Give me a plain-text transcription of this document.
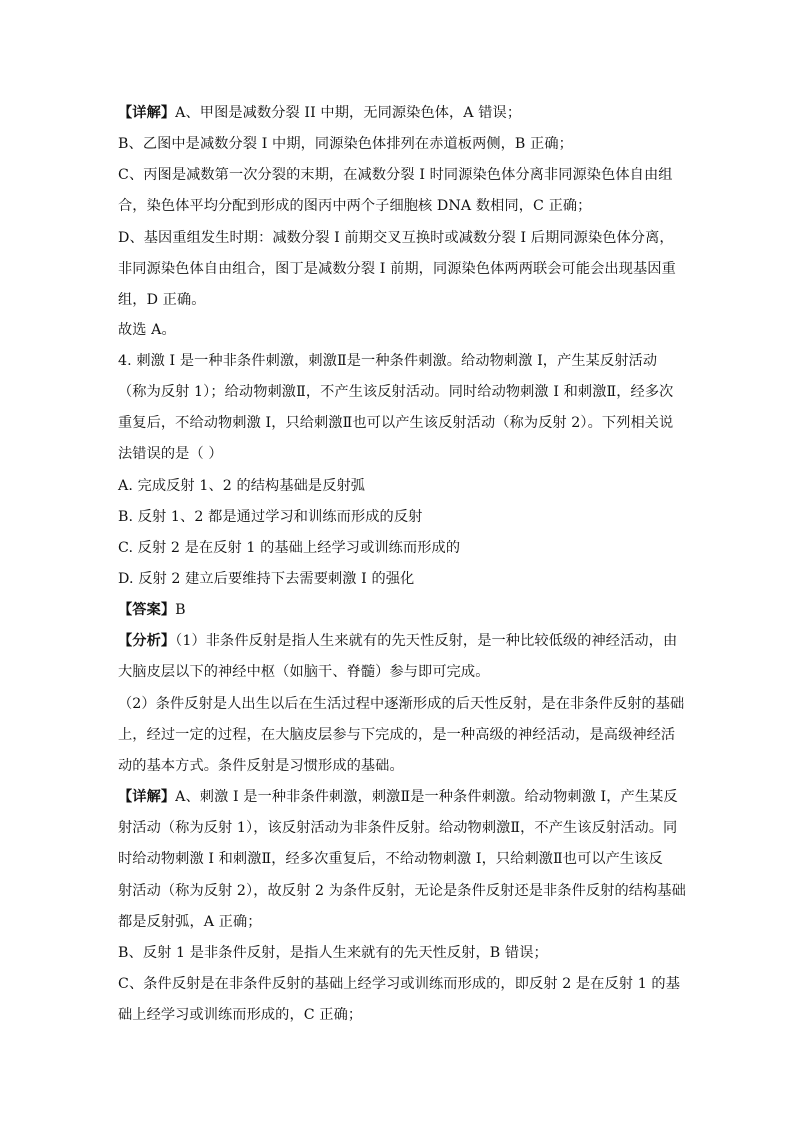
【详解】A、甲图是减数分裂 II 中期，无同源染色体，A 错误；
B、乙图中是减数分裂 I 中期，同源染色体排列在赤道板两侧，B 正确；
C、丙图是减数第一次分裂的末期，在减数分裂 I 时同源染色体分离非同源染色体自由组
合，染色体平均分配到形成的图丙中两个子细胞核 DNA 数相同，C 正确；
D、基因重组发生时期：减数分裂 I 前期交叉互换时或减数分裂 I 后期同源染色体分离，
非同源染色体自由组合，图丁是减数分裂 I 前期，同源染色体两两联会可能会出现基因重
组，D 正确。
故选 A。
4. 刺激 I 是一种非条件刺激，刺激Ⅱ是一种条件刺激。给动物刺激 I，产生某反射活动
（称为反射 1）；给动物刺激Ⅱ，不产生该反射活动。同时给动物刺激 I 和刺激Ⅱ，经多次
重复后，不给动物刺激 I，只给刺激Ⅱ也可以产生该反射活动（称为反射 2）。下列相关说
法错误的是（ ）
A. 完成反射 1、2 的结构基础是反射弧
B. 反射 1、2 都是通过学习和训练而形成的反射
C. 反射 2 是在反射 1 的基础上经学习或训练而形成的
D. 反射 2 建立后要维持下去需要刺激 I 的强化
【答案】B
【分析】（1）非条件反射是指人生来就有的先天性反射，是一种比较低级的神经活动，由
大脑皮层以下的神经中枢（如脑干、脊髓）参与即可完成。
（2）条件反射是人出生以后在生活过程中逐渐形成的后天性反射，是在非条件反射的基础
上，经过一定的过程，在大脑皮层参与下完成的，是一种高级的神经活动，是高级神经活
动的基本方式。条件反射是习惯形成的基础。
【详解】A、刺激 I 是一种非条件刺激，刺激Ⅱ是一种条件刺激。给动物刺激 I，产生某反
射活动（称为反射 1），该反射活动为非条件反射。给动物刺激Ⅱ，不产生该反射活动。同
时给动物刺激 I 和刺激Ⅱ，经多次重复后，不给动物刺激 I，只给刺激Ⅱ也可以产生该反
射活动（称为反射 2），故反射 2 为条件反射，无论是条件反射还是非条件反射的结构基础
都是反射弧，A 正确；
B、反射 1 是非条件反射，是指人生来就有的先天性反射，B 错误；
C、条件反射是在非条件反射的基础上经学习或训练而形成的，即反射 2 是在反射 1 的基
础上经学习或训练而形成的，C 正确；
